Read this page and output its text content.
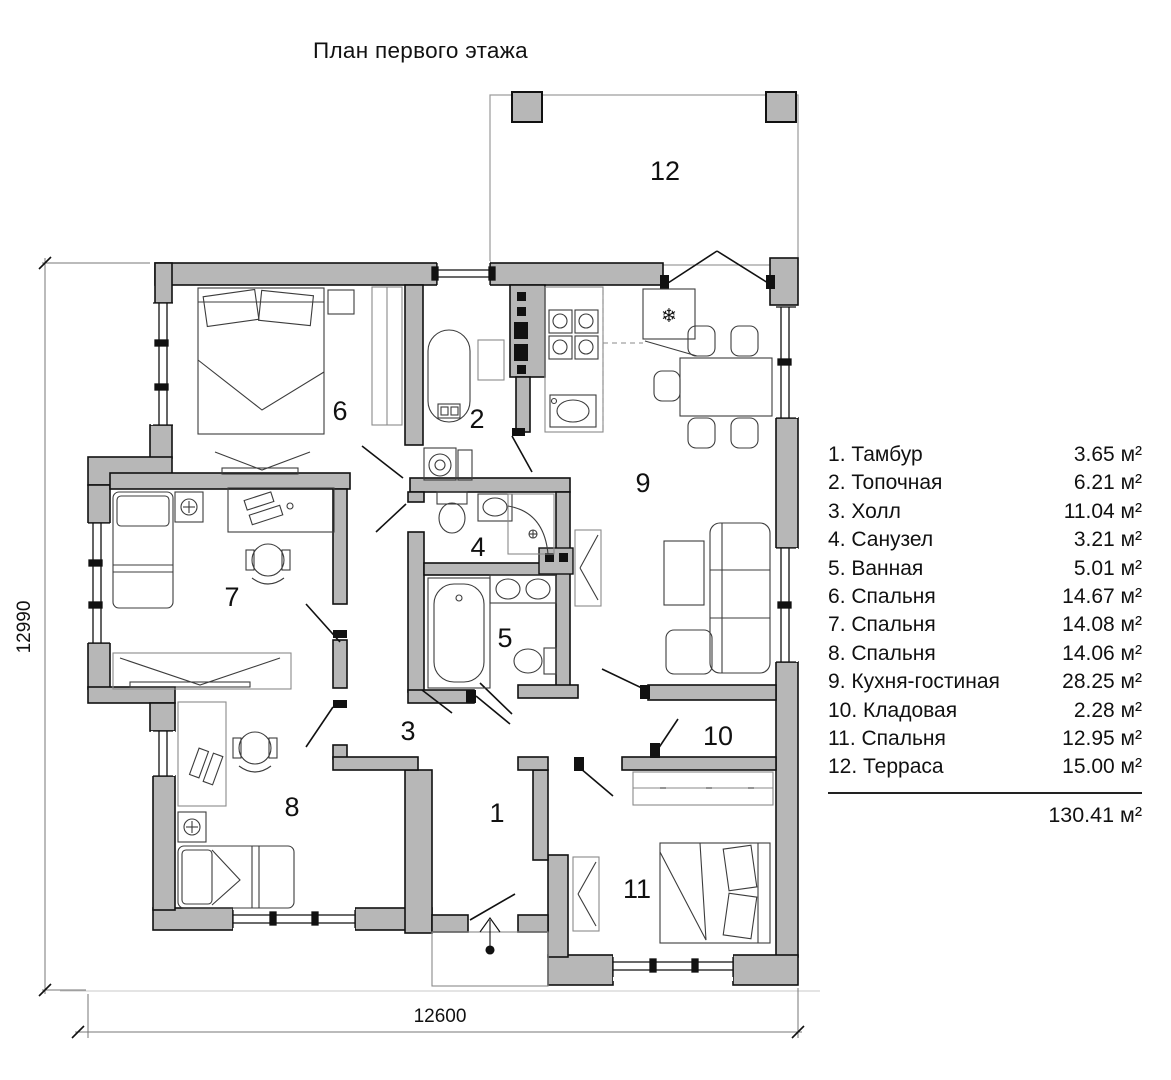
План первого этажа
❄
1
2
3
4
5
6
7
8
9
10
11
12
12990
12600
1 . Тамбур	3.65 м²
2 . Топочная	6.21 м²
3 . Холл	11.04 м²
4 . Санузел	3.21 м²
5 . Ванная	5.01 м²
6 . Спальня	14.67 м²
7 . Спальня	14.08 м²
8 . Спальня	14.06 м²
9 . Кухня-гостиная	28.25 м²
10 . Кладовая	2.28 м²
11 . Спальня	12.95 м²
12 . Терраса	15.00 м²
130.41 м²
